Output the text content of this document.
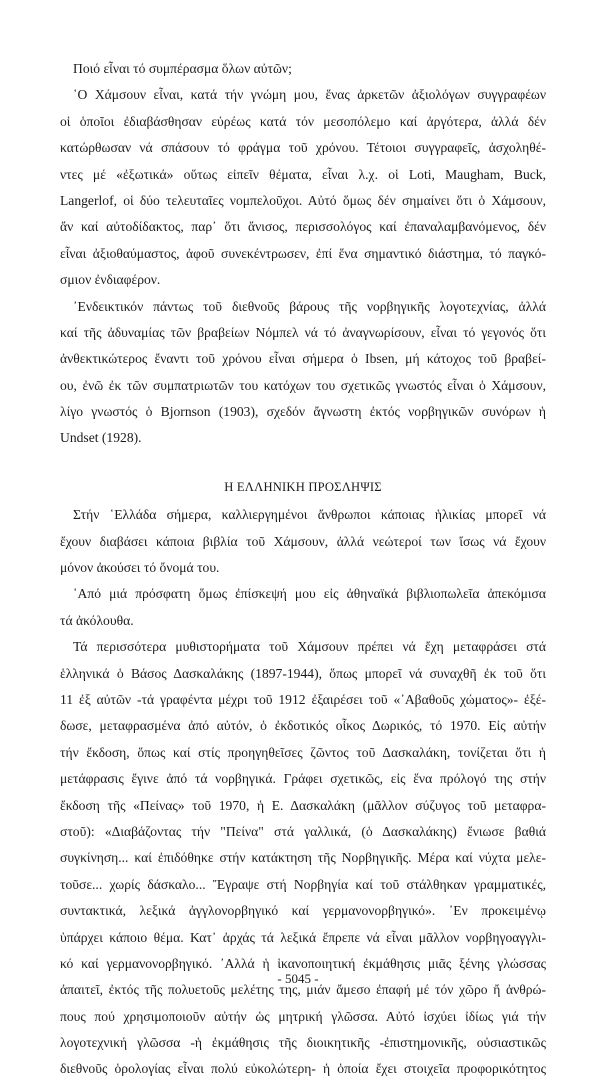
Ποιό εἶναι τό συμπέρασμα ὅλων αὐτῶν;
῾Ο Χάμσουν εἶναι, κατά τήν γνώμη μου, ἕνας ἀρκετῶν ἀξιολόγων συγγραφέων
οἱ ὁποῖοι ἐδιαβάσθησαν εὐρέως κατά τόν μεσοπόλεμο καί ἀργότερα, ἀλλά δέν
κατώρθωσαν νά σπάσουν τό φράγμα τοῦ χρόνου. Τέτοιοι συγγραφεῖς, ἀσχοληθέ-
ντες μέ «ἐξωτικά» οὕτως εἰπεῖν θέματα, εἶναι λ.χ. οἱ Loti, Maugham, Buck,
Langerlof, οἱ δύο τελευταῖες νομπελοῦχοι. Αὐτό ὅμως δέν σημαίνει ὅτι ὁ Χάμσουν,
ἄν καί αὐτοδίδακτος, παρ᾽ ὅτι ἄνισος, περισσολόγος καί ἐπαναλαμβανόμενος, δέν
εἶναι ἀξιοθαύμαστος, ἀφοῦ συνεκέντρωσεν, ἐπί ἕνα σημαντικό διάστημα, τό παγκό-
σμιον ἐνδιαφέρον.
᾽Ενδεικτικόν πάντως τοῦ διεθνοῦς βάρους τῆς νορβηγικῆς λογοτεχνίας, ἀλλά
καί τῆς ἀδυναμίας τῶν βραβείων Νόμπελ νά τό ἀναγνωρίσουν, εἶναι τό γεγονός ὅτι
ἀνθεκτικώτερος ἔναντι τοῦ χρόνου εἶναι σήμερα ὁ Ibsen, μή κάτοχος τοῦ βραβεί-
ου, ἐνῶ ἐκ τῶν συμπατριωτῶν του κατόχων του σχετικῶς γνωστός εἶναι ὁ Χάμσουν,
λίγο γνωστός ὁ Bjornson (1903), σχεδόν ἄγνωστη ἐκτός νορβηγικῶν συνόρων ἡ
Undset (1928).
Η ΕΛΛΗΝΙΚΗ ΠΡΟΣΛΗΨΙΣ
Στήν ῾Ελλάδα σήμερα, καλλιεργημένοι ἄνθρωποι κάποιας ἡλικίας μπορεῖ νά
ἔχουν διαβάσει κάποια βιβλία τοῦ Χάμσουν, ἀλλά νεώτεροί των ἴσως νά ἔχουν
μόνον ἀκούσει τό ὄνομά του.
῾Από μιά πρόσφατη ὅμως ἐπίσκεψή μου εἰς ἀθηναϊκά βιβλιοπωλεῖα ἀπεκόμισα
τά ἀκόλουθα.
Τά περισσότερα μυθιστορήματα τοῦ Χάμσουν πρέπει νά ἔχη μεταφράσει στά
ἑλληνικά ὁ Βάσος Δασκαλάκης (1897-1944), ὅπως μπορεῖ νά συναχθῆ ἐκ τοῦ ὅτι
11 ἐξ αὐτῶν -τά γραφέντα μέχρι τοῦ 1912 ἐξαιρέσει τοῦ «᾽Αβαθοῦς χώματος»- ἐξέ-
δωσε, μεταφρασμένα ἀπό αὐτόν, ὁ ἐκδοτικός οἶκος Δωρικός, τό 1970. Εἰς αὐτήν
τήν ἔκδοση, ὅπως καί στίς προηγηθεῖσες ζῶντος τοῦ Δασκαλάκη, τονίζεται ὅτι ἡ
μετάφρασις ἔγινε ἀπό τά νορβηγικά. Γράφει σχετικῶς, εἰς ἕνα πρόλογό της στήν
ἔκδοση τῆς «Πείνας» τοῦ 1970, ἡ Ε. Δασκαλάκη (μᾶλλον σύζυγος τοῦ μεταφρα-
στοῦ): «Διαβάζοντας τήν "Πείνα" στά γαλλικά, (ὁ Δασκαλάκης) ἔνιωσε βαθιά
συγκίνηση... καί ἐπιδόθηκε στήν κατάκτηση τῆς Νορβηγικῆς. Μέρα καί νύχτα μελε-
τοῦσε... χωρίς δάσκαλο... Ἔγραψε στή Νορβηγία καί τοῦ στάλθηκαν γραμματικές,
συντακτικά, λεξικά ἀγγλονορβηγικό καί γερμανονορβηγικό». ᾽Εν προκειμένῳ
ὑπάρχει κάποιο θέμα. Κατ᾽ ἀρχάς τά λεξικά ἔπρεπε νά εἶναι μᾶλλον νορβηγοαγγλι-
κό καί γερμανονορβηγικό. ᾽Αλλά ἡ ἱκανοποιητική ἐκμάθησις μιᾶς ξένης γλώσσας
ἀπαιτεῖ, ἐκτός τῆς πολυετοῦς μελέτης της, μιάν ἄμεσο ἐπαφή μέ τόν χῶρο ἤ ἀνθρώ-
πους πού χρησιμοποιοῦν αὐτήν ὡς μητρική γλῶσσα. Αὐτό ἰσχύει ἰδίως γιά τήν
λογοτεχνική γλῶσσα -ἡ ἐκμάθησις τῆς διοικητικῆς -ἐπιστημονικῆς, οὐσιαστικῶς
διεθνοῦς ὁρολογίας εἶναι πολύ εὐκολώτερη- ἡ ὁποία ἔχει στοιχεῖα προφορικότητος
- 5045 -
